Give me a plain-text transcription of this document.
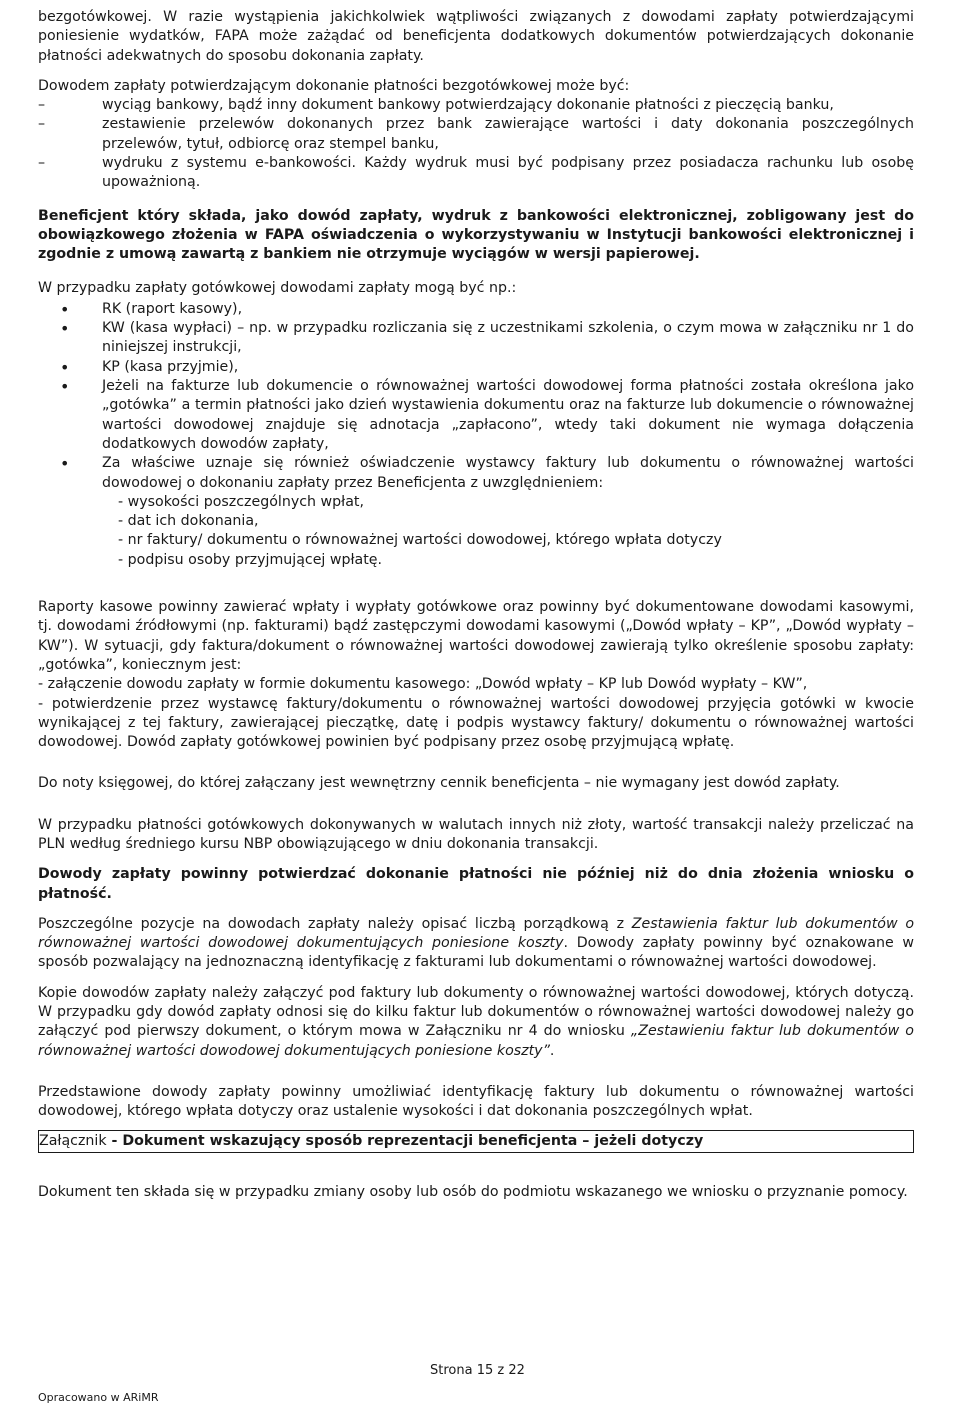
bezgotówkowej. W razie wystąpienia jakichkolwiek wątpliwości związanych z dowodami zapłaty potwierdzającymi poniesienie wydatków, FAPA może zażądać od beneficjenta dodatkowych dokumentów potwierdzających dokonanie płatności adekwatnych do sposobu dokonania zapłaty.

Dowodem zapłaty potwierdzającym dokonanie płatności bezgotówkowej może być:

– wyciąg bankowy, bądź inny dokument bankowy potwierdzający dokonanie płatności z pieczęcią banku,
– zestawienie przelewów dokonanych przez bank zawierające wartości i daty dokonania poszczególnych przelewów, tytuł, odbiorcę oraz stempel banku,
– wydruku z systemu e-bankowości. Każdy wydruk musi być podpisany przez posiadacza rachunku lub osobę upoważnioną.

Beneficjent który składa, jako dowód zapłaty, wydruk z bankowości elektronicznej, zobligowany jest do obowiązkowego złożenia w FAPA oświadczenia o wykorzystywaniu w Instytucji bankowości elektronicznej i zgodnie z umową zawartą z bankiem nie otrzymuje wyciągów w wersji papierowej.

W przypadku zapłaty gotówkowej dowodami zapłaty mogą być np.:

• RK (raport kasowy),
• KW (kasa wypłaci) – np. w przypadku rozliczania się z uczestnikami szkolenia, o czym mowa w załączniku nr 1 do niniejszej instrukcji,
• KP (kasa przyjmie),
• Jeżeli na fakturze lub dokumencie o równoważnej wartości dowodowej forma płatności została określona jako „gotówka” a termin płatności jako dzień wystawienia dokumentu oraz na fakturze lub dokumencie o równoważnej wartości dowodowej znajduje się adnotacja „zapłacono”, wtedy taki dokument nie wymaga dołączenia dodatkowych dowodów zapłaty,
• Za właściwe uznaje się również oświadczenie wystawcy faktury lub dokumentu o równoważnej wartości dowodowej o dokonaniu zapłaty przez Beneficjenta z uwzględnieniem:
- wysokości poszczególnych wpłat,
- dat ich dokonania,
- nr faktury/ dokumentu o równoważnej wartości dowodowej, którego wpłata dotyczy
- podpisu osoby przyjmującej wpłatę.

Raporty kasowe powinny zawierać wpłaty i wypłaty gotówkowe oraz powinny być dokumentowane dowodami kasowymi, tj. dowodami źródłowymi (np. fakturami) bądź zastępczymi dowodami kasowymi („Dowód wpłaty – KP”, „Dowód wypłaty – KW”). W sytuacji, gdy faktura/dokument o równoważnej wartości dowodowej zawierają tylko określenie sposobu zapłaty: „gotówka”, koniecznym jest:

- załączenie dowodu zapłaty w formie dokumentu kasowego: „Dowód wpłaty – KP lub Dowód wypłaty – KW”,

- potwierdzenie przez wystawcę faktury/dokumentu o równoważnej wartości dowodowej przyjęcia gotówki w kwocie wynikającej z tej faktury, zawierającej pieczątkę, datę i podpis wystawcy faktury/ dokumentu o równoważnej wartości dowodowej. Dowód zapłaty gotówkowej powinien być podpisany przez osobę przyjmującą wpłatę.

Do noty księgowej, do której załączany jest wewnętrzny cennik beneficjenta – nie wymagany jest dowód zapłaty.

W przypadku płatności gotówkowych dokonywanych w walutach innych niż złoty, wartość transakcji należy przeliczać na PLN według średniego kursu NBP obowiązującego w dniu dokonania transakcji.

Dowody zapłaty powinny potwierdzać dokonanie płatności nie później niż do dnia złożenia wniosku o płatność.

Poszczególne pozycje na dowodach zapłaty należy opisać liczbą porządkową z Zestawienia faktur lub dokumentów o równoważnej wartości dowodowej dokumentujących poniesione koszty. Dowody zapłaty powinny być oznakowane w sposób pozwalający na jednoznaczną identyfikację z fakturami lub dokumentami o równoważnej wartości dowodowej.

Kopie dowodów zapłaty należy załączyć pod faktury lub dokumenty o równoważnej wartości dowodowej, których dotyczą. W przypadku gdy dowód zapłaty odnosi się do kilku faktur lub dokumentów o równoważnej wartości dowodowej należy go załączyć pod pierwszy dokument, o którym mowa w Załączniku nr 4 do wniosku „Zestawieniu faktur lub dokumentów o równoważnej wartości dowodowej dokumentujących poniesione koszty”.

Przedstawione dowody zapłaty powinny umożliwiać identyfikację faktury lub dokumentu o równoważnej wartości dowodowej, którego wpłata dotyczy oraz ustalenie wysokości i dat dokonania poszczególnych wpłat.

Załącznik - Dokument wskazujący sposób reprezentacji beneficjenta – jeżeli dotyczy

Dokument ten składa się w przypadku zmiany osoby lub osób do podmiotu wskazanego we wniosku o przyznanie pomocy.

Strona 15 z 22
Opracowano w ARiMR
